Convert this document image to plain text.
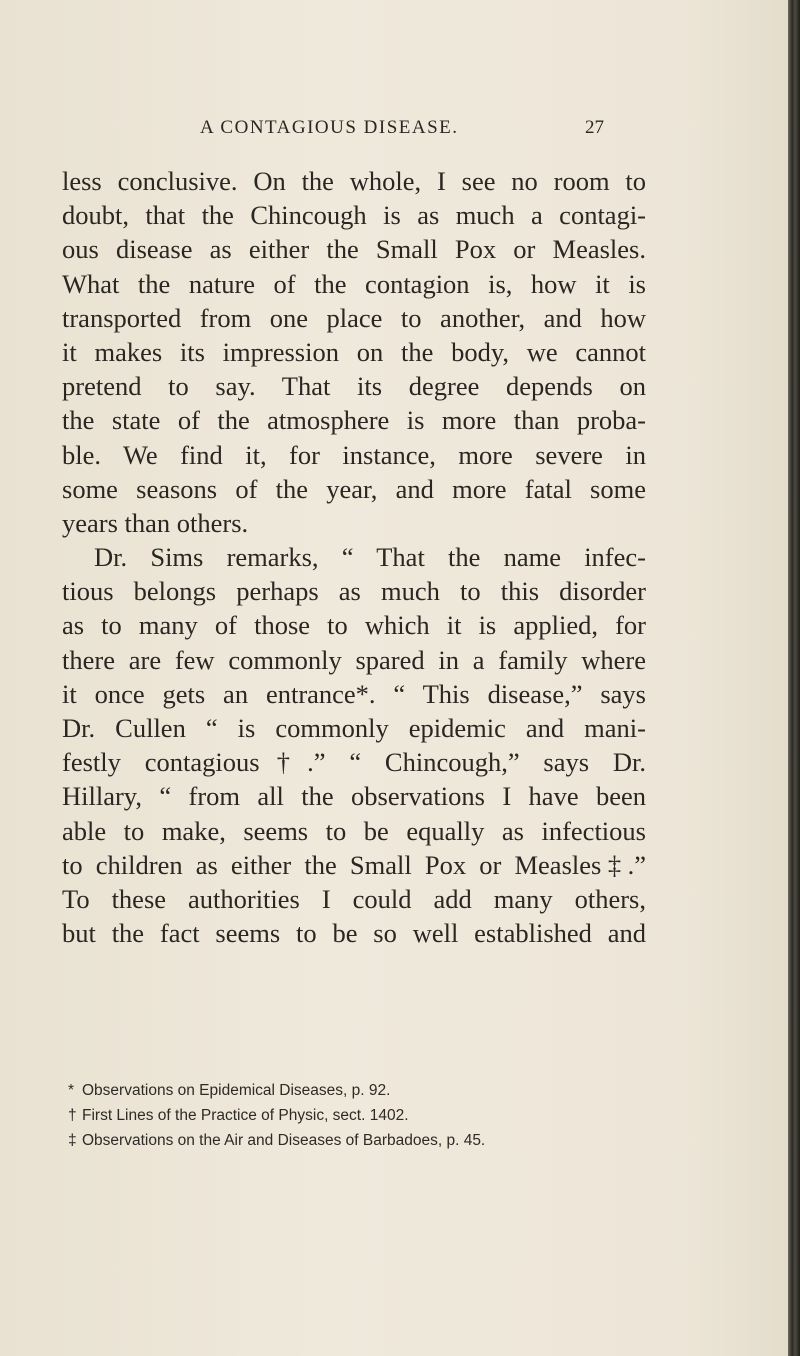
A CONTAGIOUS DISEASE.	27
less conclusive. On the whole, I see no room to
doubt, that the Chincough is as much a contagi-
ous disease as either the Small Pox or Measles.
What the nature of the contagion is, how it is
transported from one place to another, and how
it makes its impression on the body, we cannot
pretend to say. That its degree depends on
the state of the atmosphere is more than proba-
ble. We find it, for instance, more severe in
some seasons of the year, and more fatal some
years than others.
Dr. Sims remarks, “ That the name infec-
tious belongs perhaps as much to this disorder
as to many of those to which it is applied, for
there are few commonly spared in a family where
it once gets an entrance*. “ This disease,” says
Dr. Cullen “ is commonly epidemic and mani-
festly contagious†.” “ Chincough,” says Dr.
Hillary, “ from all the observations I have been
able to make, seems to be equally as infectious
to children as either the Small Pox or Measles‡.”
To these authorities I could add many others,
but the fact seems to be so well established and
* Observations on Epidemical Diseases, p. 92.
† First Lines of the Practice of Physic, sect. 1402.
‡ Observations on the Air and Diseases of Barbadoes, p. 45.
